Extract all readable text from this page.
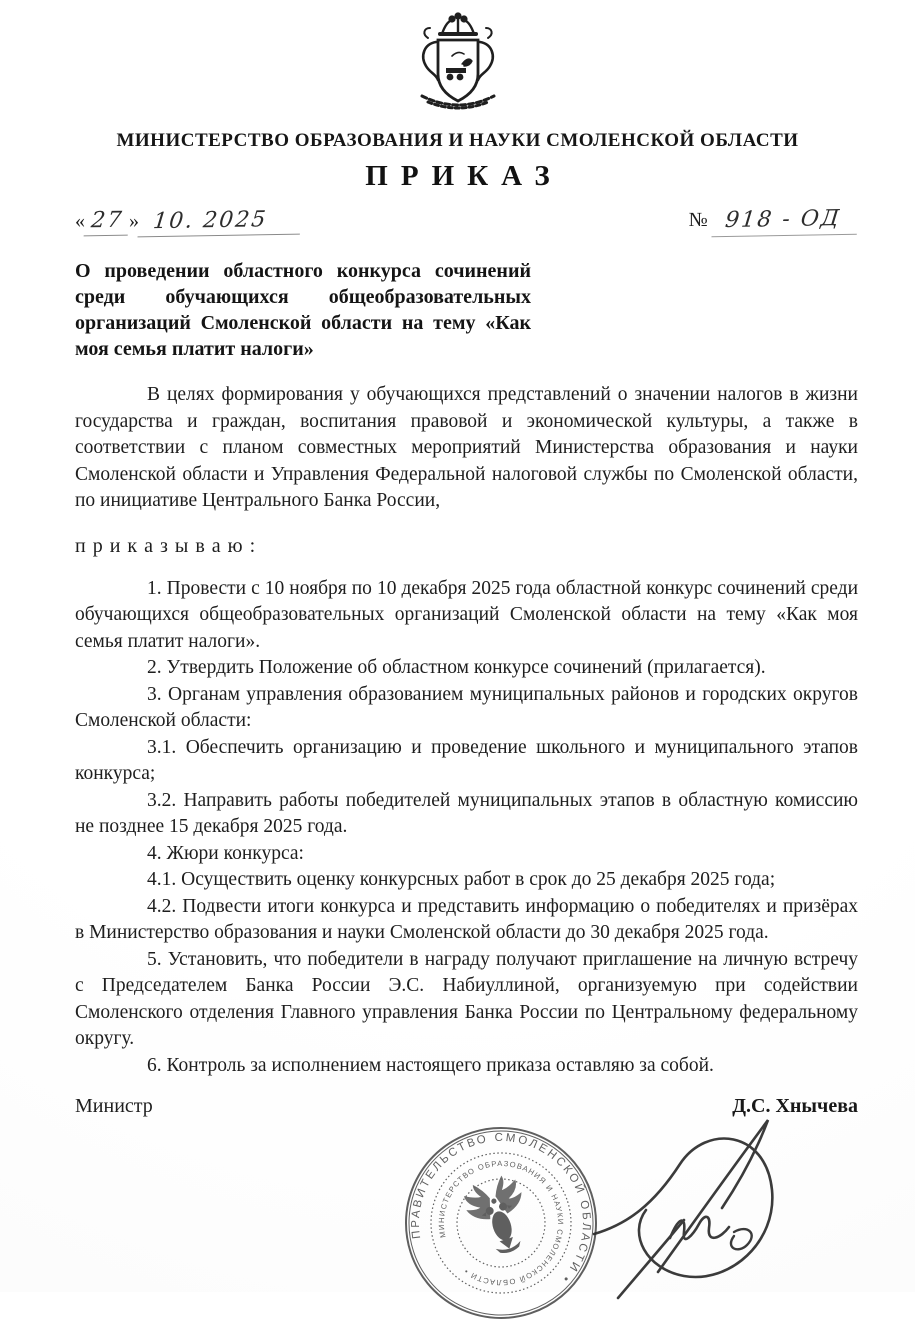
МИНИСТЕРСТВО ОБРАЗОВАНИЯ И НАУКИ СМОЛЕНСКОЙ ОБЛАСТИ
ПРИКАЗ
« 27 » 10. 2025	№ 918 - ОД
О проведении областного конкурса сочинений среди обучающихся общеобразовательных организаций Смоленской области на тему «Как моя семья платит налоги»

В целях формирования у обучающихся представлений о значении налогов в жизни государства и граждан, воспитания правовой и экономической культуры, а также в соответствии с планом совместных мероприятий Министерства образования и науки Смоленской области и Управления Федеральной налоговой службы по Смоленской области, по инициативе Центрального Банка России,

п р и к а з ы в а ю :

1. Провести с 10 ноября по 10 декабря 2025 года областной конкурс сочинений среди обучающихся общеобразовательных организаций Смоленской области на тему «Как моя семья платит налоги».

2. Утвердить Положение об областном конкурсе сочинений (прилагается).

3. Органам управления образованием муниципальных районов и городских округов Смоленской области:

3.1. Обеспечить организацию и проведение школьного и муниципального этапов конкурса;

3.2. Направить работы победителей муниципальных этапов в областную комиссию не позднее 15 декабря 2025 года.

4. Жюри конкурса:

4.1. Осуществить оценку конкурсных работ в срок до 25 декабря 2025 года;

4.2. Подвести итоги конкурса и представить информацию о победителях и призёрах в Министерство образования и науки Смоленской области до 30 декабря 2025 года.

5. Установить, что победители в награду получают приглашение на личную встречу с Председателем Банка России Э.С. Набиуллиной, организуемую при содействии Смоленского отделения Главного управления Банка России по Центральному федеральному округу.

6. Контроль за исполнением настоящего приказа оставляю за собой.

Министр	Д.С. Хнычева
ПРАВИТЕЛЬСТВО СМОЛЕНСКОЙ ОБЛАСТИ •
МИНИСТЕРСТВО ОБРАЗОВАНИЯ И НАУКИ СМОЛЕНСКОЙ ОБЛАСТИ •
